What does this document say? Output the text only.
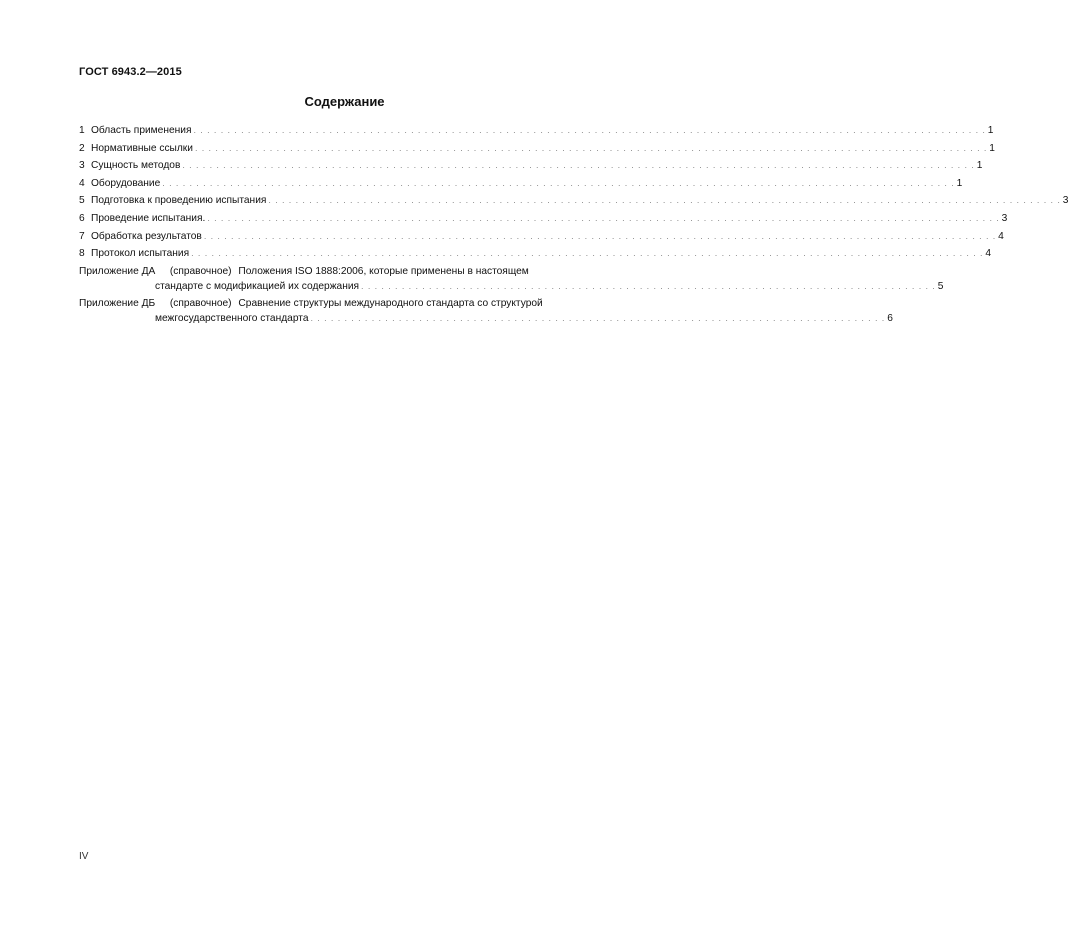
ГОСТ 6943.2—2015
Содержание
1 Область применения . . .	1
2 Нормативные ссылки . . .	1
3 Сущность методов . . .	1
4 Оборудование . . .	1
5 Подготовка к проведению испытания . . .	3
6 Проведение испытания. . . .	3
7 Обработка результатов . . .	4
8 Протокол испытания . . .	4
Приложение ДА (справочное) Положения ISO 1888:2006, которые применены в настоящем
стандарте с модификацией их содержания . . .	5
Приложение ДБ (справочное) Сравнение структуры международного стандарта со структурой
межгосударственного стандарта . . .	6
IV
